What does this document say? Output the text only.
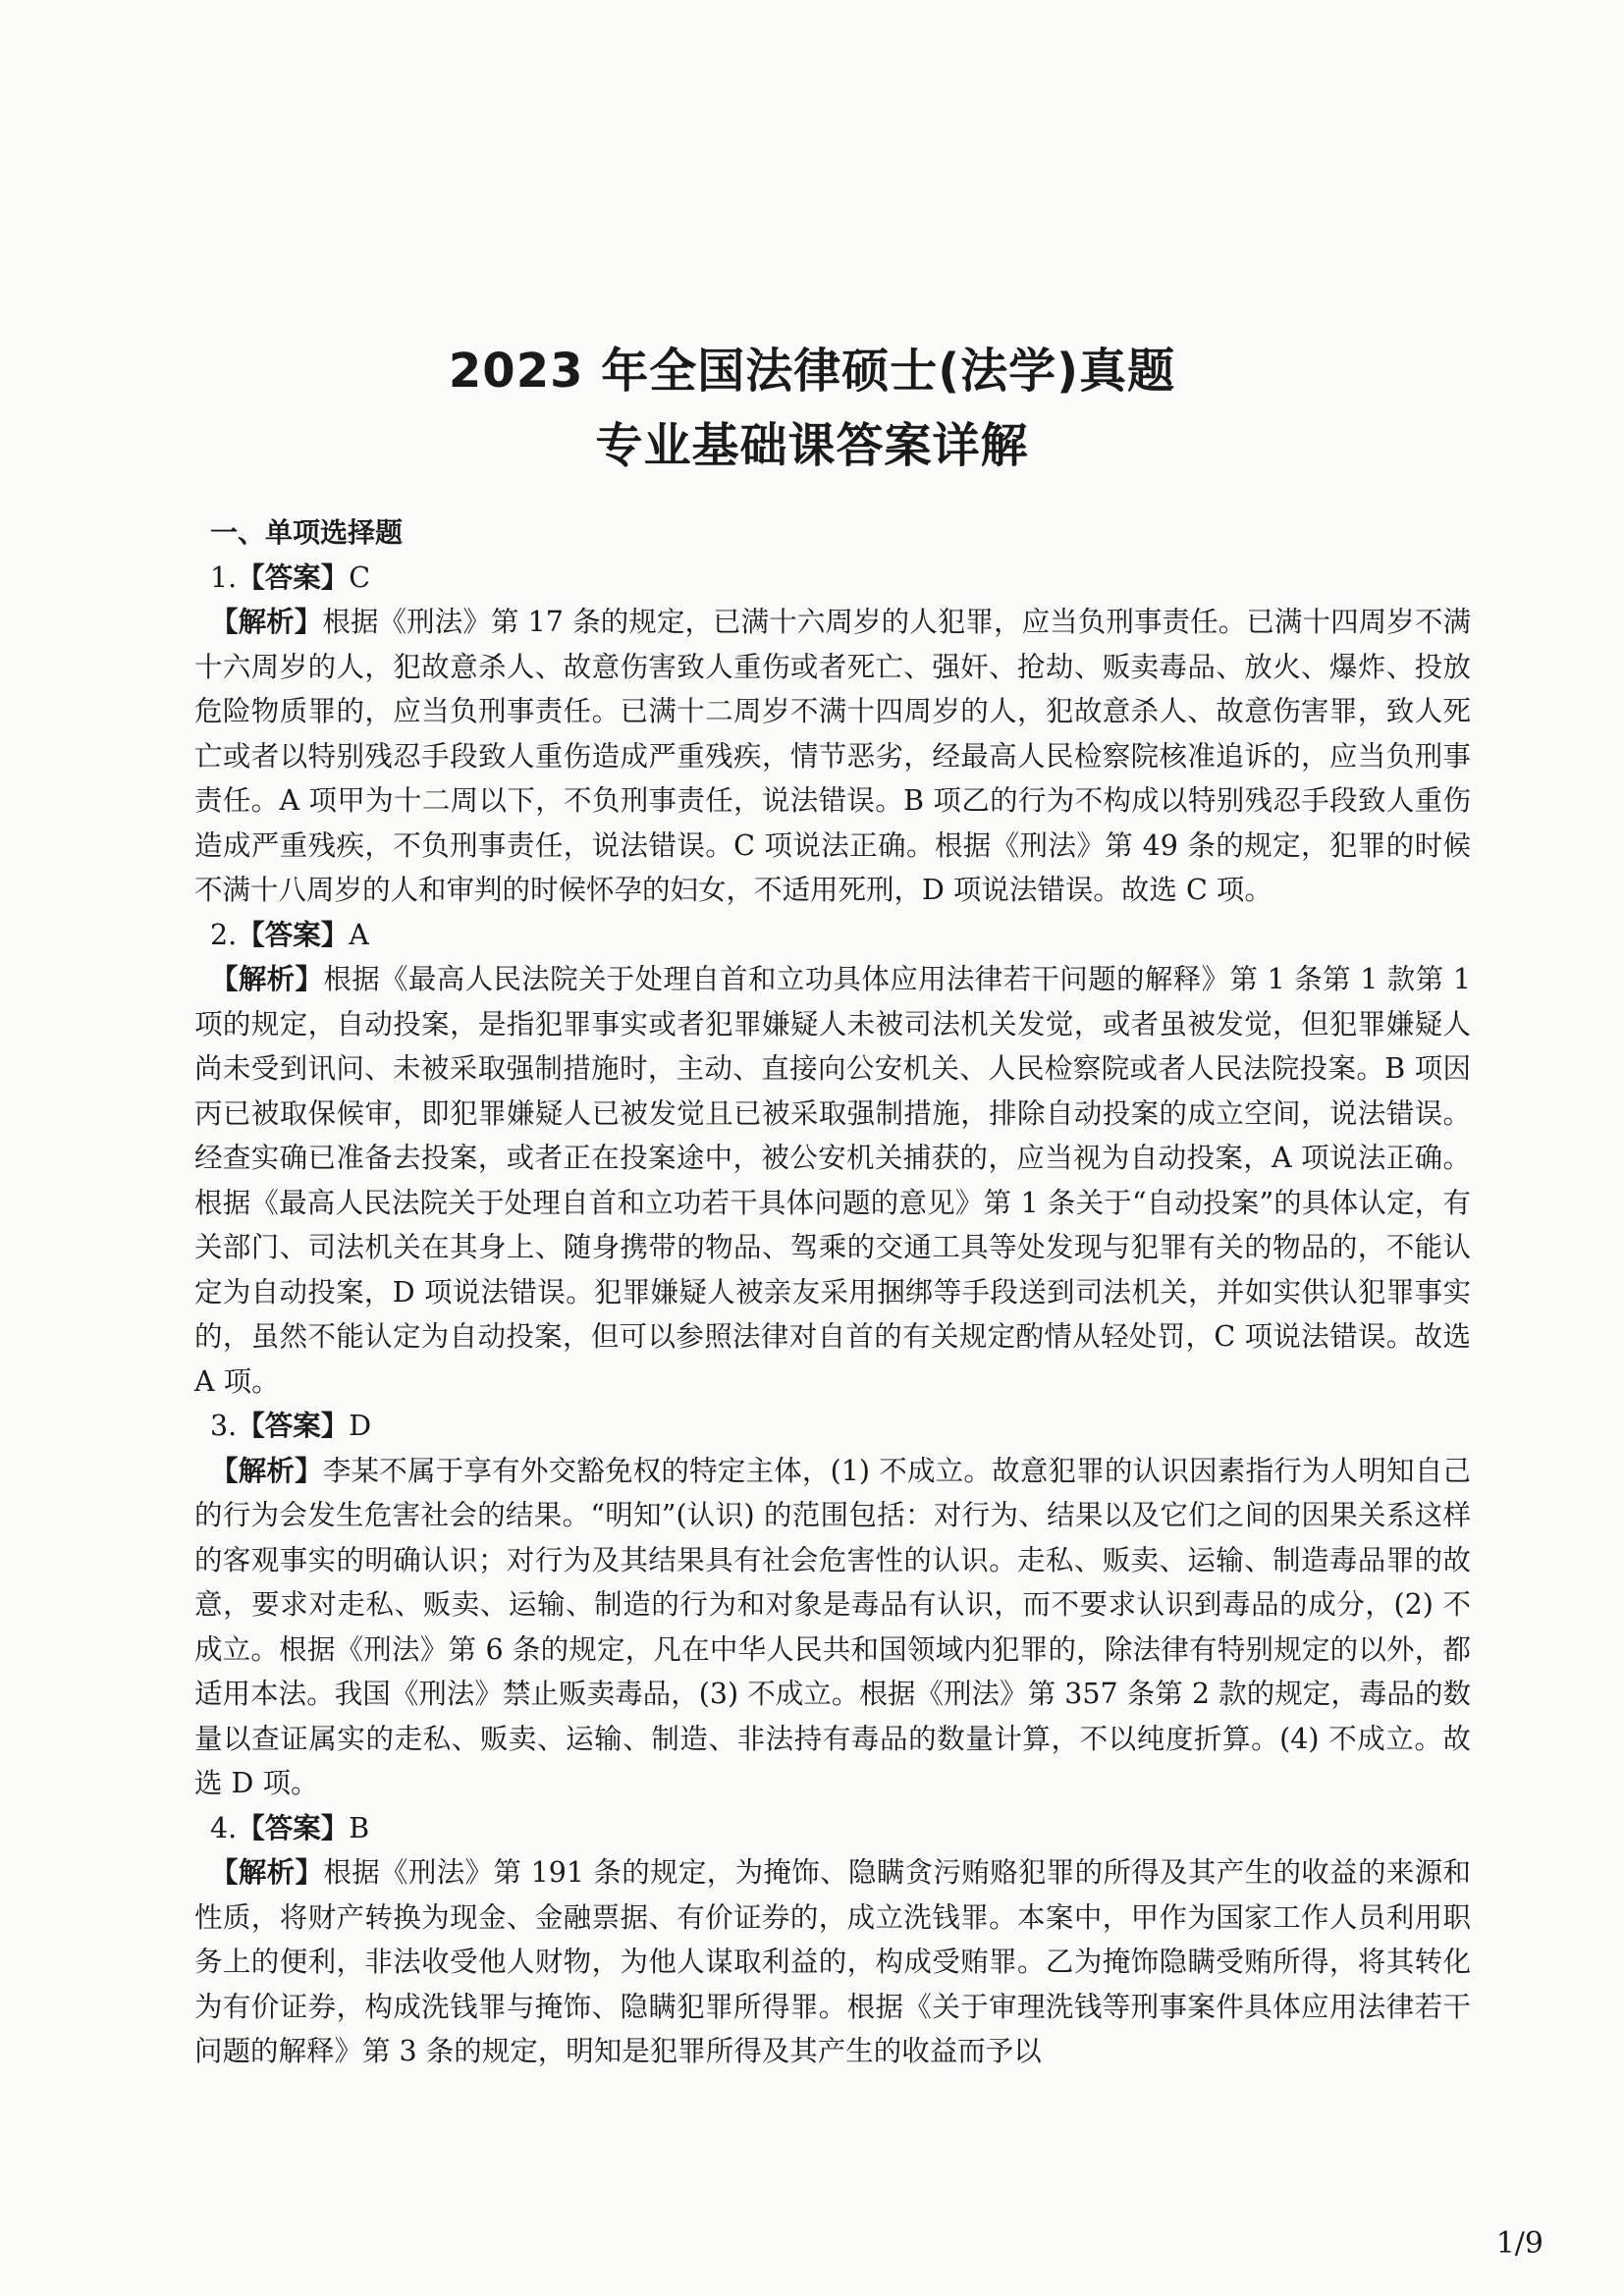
2023 年全国法律硕士(法学)真题

专业基础课答案详解

一、单项选择题

1.【答案】C

【解析】根据《刑法》第 17 条的规定，已满十六周岁的人犯罪，应当负刑事责任。已满十四周岁不满十六周岁的人，犯故意杀人、故意伤害致人重伤或者死亡、强奸、抢劫、贩卖毒品、放火、爆炸、投放危险物质罪的，应当负刑事责任。已满十二周岁不满十四周岁的人，犯故意杀人、故意伤害罪，致人死亡或者以特别残忍手段致人重伤造成严重残疾，情节恶劣，经最高人民检察院核准追诉的，应当负刑事责任。A 项甲为十二周以下，不负刑事责任，说法错误。B 项乙的行为不构成以特别残忍手段致人重伤造成严重残疾，不负刑事责任，说法错误。C 项说法正确。根据《刑法》第 49 条的规定，犯罪的时候不满十八周岁的人和审判的时候怀孕的妇女，不适用死刑，D 项说法错误。故选 C 项。

2.【答案】A

【解析】根据《最高人民法院关于处理自首和立功具体应用法律若干问题的解释》第 1 条第 1 款第 1 项的规定，自动投案，是指犯罪事实或者犯罪嫌疑人未被司法机关发觉，或者虽被发觉，但犯罪嫌疑人尚未受到讯问、未被采取强制措施时，主动、直接向公安机关、人民检察院或者人民法院投案。B 项因丙已被取保候审，即犯罪嫌疑人已被发觉且已被采取强制措施，排除自动投案的成立空间，说法错误。经查实确已准备去投案，或者正在投案途中，被公安机关捕获的，应当视为自动投案，A 项说法正确。根据《最高人民法院关于处理自首和立功若干具体问题的意见》第 1 条关于“自动投案”的具体认定，有关部门、司法机关在其身上、随身携带的物品、驾乘的交通工具等处发现与犯罪有关的物品的，不能认定为自动投案，D 项说法错误。犯罪嫌疑人被亲友采用捆绑等手段送到司法机关，并如实供认犯罪事实的，虽然不能认定为自动投案，但可以参照法律对自首的有关规定酌情从轻处罚，C 项说法错误。故选 A 项。

3.【答案】D

【解析】李某不属于享有外交豁免权的特定主体，(1) 不成立。故意犯罪的认识因素指行为人明知自己的行为会发生危害社会的结果。“明知”(认识) 的范围包括：对行为、结果以及它们之间的因果关系这样的客观事实的明确认识；对行为及其结果具有社会危害性的认识。走私、贩卖、运输、制造毒品罪的故意，要求对走私、贩卖、运输、制造的行为和对象是毒品有认识，而不要求认识到毒品的成分，(2) 不成立。根据《刑法》第 6 条的规定，凡在中华人民共和国领域内犯罪的，除法律有特别规定的以外，都适用本法。我国《刑法》禁止贩卖毒品，(3) 不成立。根据《刑法》第 357 条第 2 款的规定，毒品的数量以查证属实的走私、贩卖、运输、制造、非法持有毒品的数量计算，不以纯度折算。(4) 不成立。故选 D 项。

4.【答案】B

【解析】根据《刑法》第 191 条的规定，为掩饰、隐瞒贪污贿赂犯罪的所得及其产生的收益的来源和性质，将财产转换为现金、金融票据、有价证券的，成立洗钱罪。本案中，甲作为国家工作人员利用职务上的便利，非法收受他人财物，为他人谋取利益的，构成受贿罪。乙为掩饰隐瞒受贿所得，将其转化为有价证券，构成洗钱罪与掩饰、隐瞒犯罪所得罪。根据《关于审理洗钱等刑事案件具体应用法律若干问题的解释》第 3 条的规定，明知是犯罪所得及其产生的收益而予以

1/9
